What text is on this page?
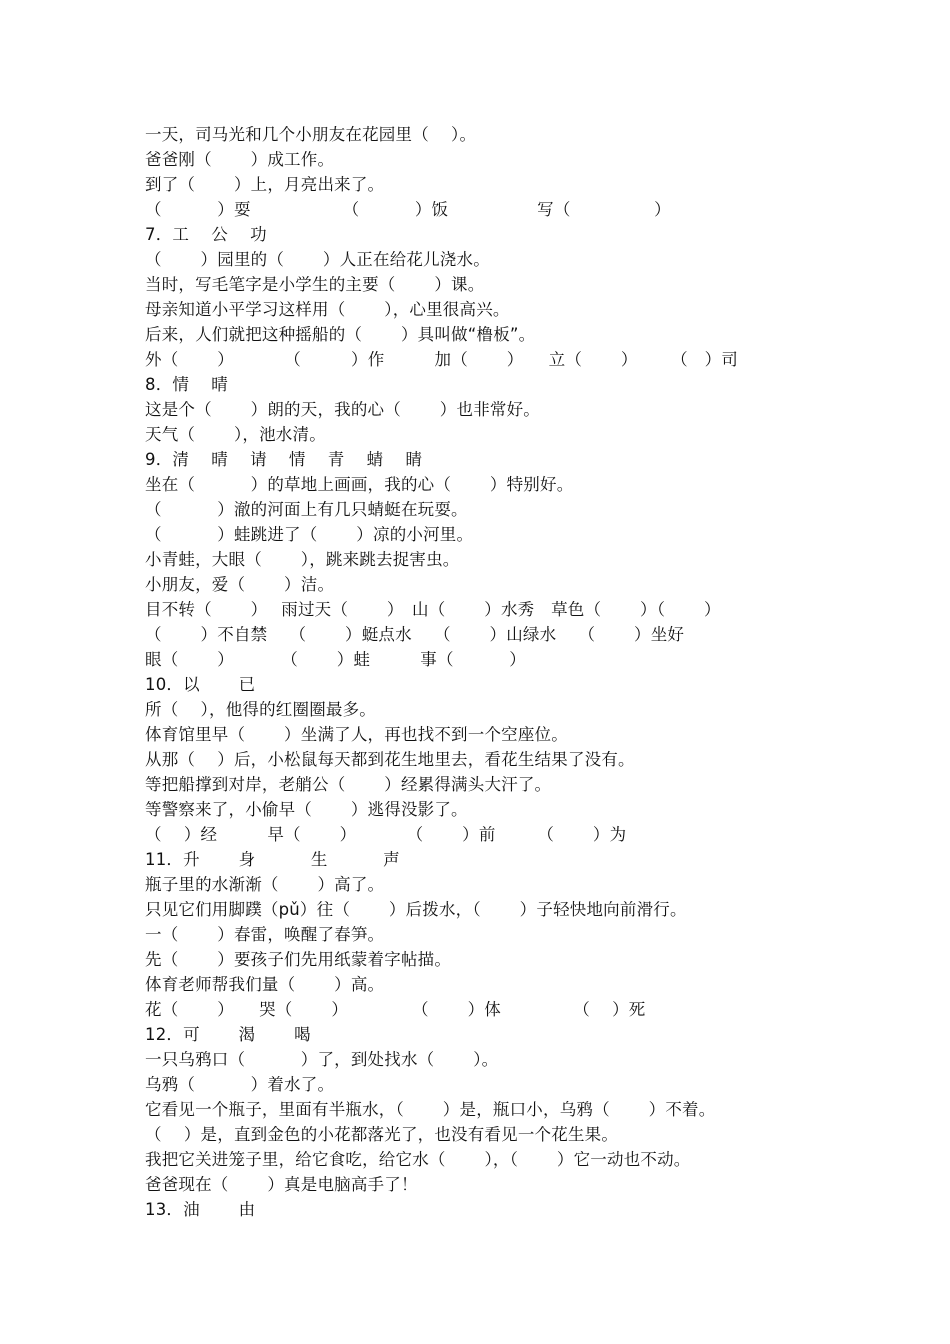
一天，司马光和几个小朋友在花园里（　 ）。
爸爸刚（　　 ）成工作。
到了（　　 ）上，月亮出来了。
（　　　 ）耍　　　　　　（　　　 ）饭　　　　　 写（　　　　　）
7．工　 公　 功
（　　 ）园里的（　　 ）人正在给花儿浇水。
当时，写毛笔字是小学生的主要（　　 ）课。
母亲知道小平学习这样用（　　 ），心里很高兴。
后来，人们就把这种摇船的（　　 ）具叫做“橹板”。
外（　　 ）　　　　（　　　）作　　　加（　　 ）　　立（　　 ）　　　（　）司
8．情　 晴
这是个（　　 ）朗的天，我的心（　　 ）也非常好。
天气（　　 ），池水清。
9．清　 晴　 请　 情　 青　 蜻　 睛
坐在（　　　 ）的草地上画画，我的心（　　 ）特别好。
（　　　 ）澈的河面上有几只蜻蜓在玩耍。
（　　　 ）蛙跳进了（　　 ）凉的小河里。
小青蛙，大眼（　　 ），跳来跳去捉害虫。
小朋友，爱（　　 ）洁。
目不转（　　 ）　 雨过天（　　 ）　山（　　 ）水秀　草色（　　 ）（　　 ）
（　　 ）不自禁　 （　　 ）蜓点水　 （　　 ）山绿水　 （　　 ）坐好
眼（　　 ）　　　 （　　 ）蛙　　　事（　　　 ）
10．以　　 已
所（　 ），他得的红圈圈最多。
体育馆里早（　　 ）坐满了人，再也找不到一个空座位。
从那（　 ）后，小松鼠每天都到花生地里去，看花生结果了没有。
等把船撑到对岸，老艄公（　　 ）经累得满头大汗了。
等警察来了，小偷早（　　 ）逃得没影了。
（　 ）经　　　早（　　 ）　　　　（　　 ）前　　　（　　 ）为
11．升　　 身　　　 生　　　 声
瓶子里的水渐渐（　　 ）高了。
只见它们用脚蹼（pǔ）往（　　 ）后拨水，（　　 ）子轻快地向前滑行。
一（　　 ）春雷，唤醒了春笋。
先（　　 ）要孩子们先用纸蒙着字帖描。
体育老师帮我们量（　　 ）高。
花（　　 ）　　哭（　　 ）　　　　 （　　 ）体　　　　 （　 ）死
12．可　　 渴　　 喝
一只乌鸦口（　　　 ）了，到处找水（　　 ）。
乌鸦（　　　 ）着水了。
它看见一个瓶子，里面有半瓶水，（　　 ）是，瓶口小，乌鸦（　　 ）不着。
（　 ）是，直到金色的小花都落光了，也没有看见一个花生果。
我把它关进笼子里，给它食吃，给它水（　　 ），（　　 ）它一动也不动。
爸爸现在（　　 ）真是电脑高手了！
13．油　　 由
